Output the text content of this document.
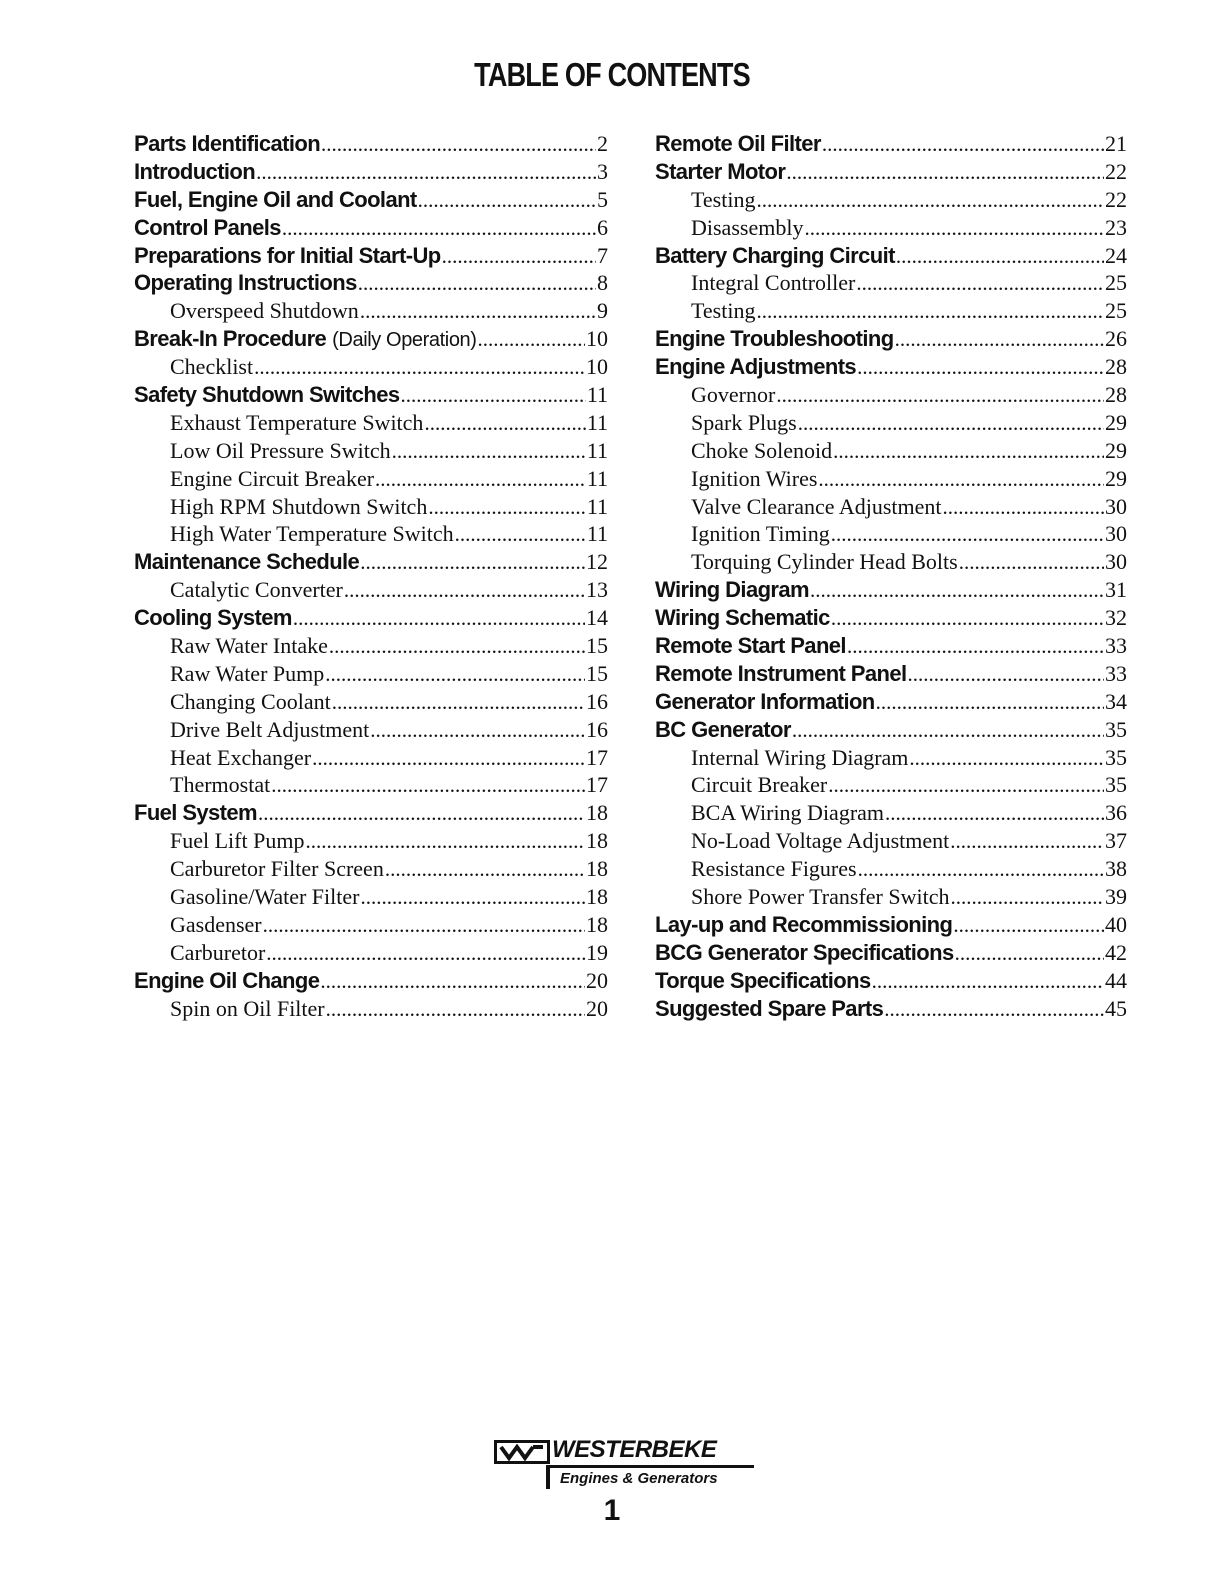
TABLE OF CONTENTS
Parts Identification .....	2
Introduction .....	3
Fuel, Engine Oil and Coolant .....	5
Control Panels .....	6
Preparations for Initial Start-Up .....	7
Operating Instructions .....	8
Overspeed Shutdown .....	9
Break-In Procedure (Daily Operation) .....	10
Checklist .....	10
Safety Shutdown Switches .....	11
Exhaust Temperature Switch .....	11
Low Oil Pressure Switch .....	11
Engine Circuit Breaker .....	11
High RPM Shutdown Switch .....	11
High Water Temperature Switch .....	11
Maintenance Schedule .....	12
Catalytic Converter .....	13
Cooling System .....	14
Raw Water Intake .....	15
Raw Water Pump .....	15
Changing Coolant .....	16
Drive Belt Adjustment .....	16
Heat Exchanger .....	17
Thermostat .....	17
Fuel System .....	18
Fuel Lift Pump .....	18
Carburetor Filter Screen .....	18
Gasoline/Water Filter .....	18
Gasdenser .....	18
Carburetor .....	19
Engine Oil Change .....	20
Spin on Oil Filter .....	20
Remote Oil Filter .....	21
Starter Motor .....	22
Testing .....	22
Disassembly .....	23
Battery Charging Circuit .....	24
Integral Controller .....	25
Testing .....	25
Engine Troubleshooting .....	26
Engine Adjustments .....	28
Governor .....	28
Spark Plugs .....	29
Choke Solenoid .....	29
Ignition Wires .....	29
Valve Clearance Adjustment .....	30
Ignition Timing .....	30
Torquing Cylinder Head Bolts .....	30
Wiring Diagram .....	31
Wiring Schematic .....	32
Remote Start Panel .....	33
Remote Instrument Panel .....	33
Generator Information .....	34
BC Generator .....	35
Internal Wiring Diagram .....	35
Circuit Breaker .....	35
BCA Wiring Diagram .....	36
No-Load Voltage Adjustment .....	37
Resistance Figures .....	38
Shore Power Transfer Switch .....	39
Lay-up and Recommissioning .....	40
BCG Generator Specifications .....	42
Torque Specifications .....	44
Suggested Spare Parts .....	45
WESTERBEKE
Engines & Generators
1
